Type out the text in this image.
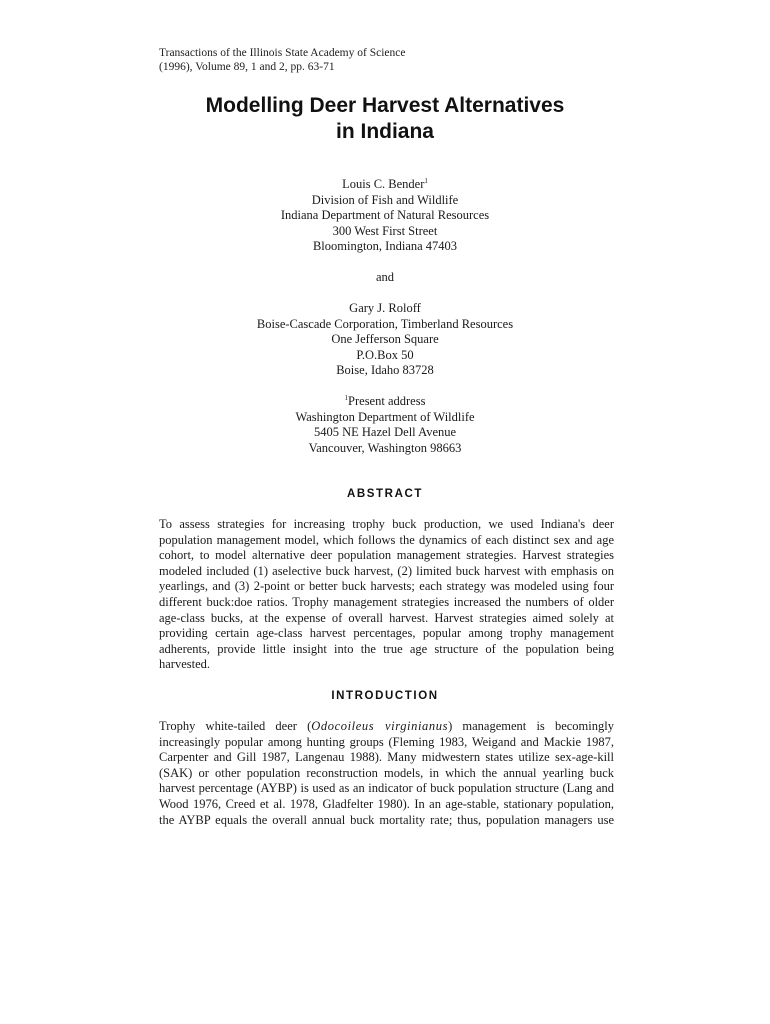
Transactions of the Illinois State Academy of Science
(1996), Volume 89, 1 and 2, pp. 63-71
Modelling Deer Harvest Alternatives
in Indiana
Louis C. Bender$^1$
Division of Fish and Wildlife
Indiana Department of Natural Resources
300 West First Street
Bloomington, Indiana 47403
and
Gary J. Roloff
Boise-Cascade Corporation, Timberland Resources
One Jefferson Square
P.O.Box 50
Boise, Idaho 83728
$^1$Present address
Washington Department of Wildlife
5405 NE Hazel Dell Avenue
Vancouver, Washington 98663
ABSTRACT
To assess strategies for increasing trophy buck production, we used Indiana's deer
population management model, which follows the dynamics of each distinct sex and age
cohort, to model alternative deer population management strategies. Harvest strategies
modeled included (1) aselective buck harvest, (2) limited buck harvest with emphasis on
yearlings, and (3) 2-point or better buck harvests; each strategy was modeled using four
different buck:doe ratios. Trophy management strategies increased the numbers of older
age-class bucks, at the expense of overall harvest. Harvest strategies aimed solely at
providing certain age-class harvest percentages, popular among trophy management
adherents, provide little insight into the true age structure of the population being
harvested.
INTRODUCTION
Trophy white-tailed deer (Odocoileus virginianus) management is becomingly
increasingly popular among hunting groups (Fleming 1983, Weigand and Mackie 1987,
Carpenter and Gill 1987, Langenau 1988). Many midwestern states utilize sex-age-kill
(SAK) or other population reconstruction models, in which the annual yearling buck
harvest percentage (AYBP) is used as an indicator of buck population structure (Lang and
Wood 1976, Creed et al. 1978, Gladfelter 1980). In an age-stable, stationary population,
the AYBP equals the overall annual buck mortality rate; thus, population managers use
